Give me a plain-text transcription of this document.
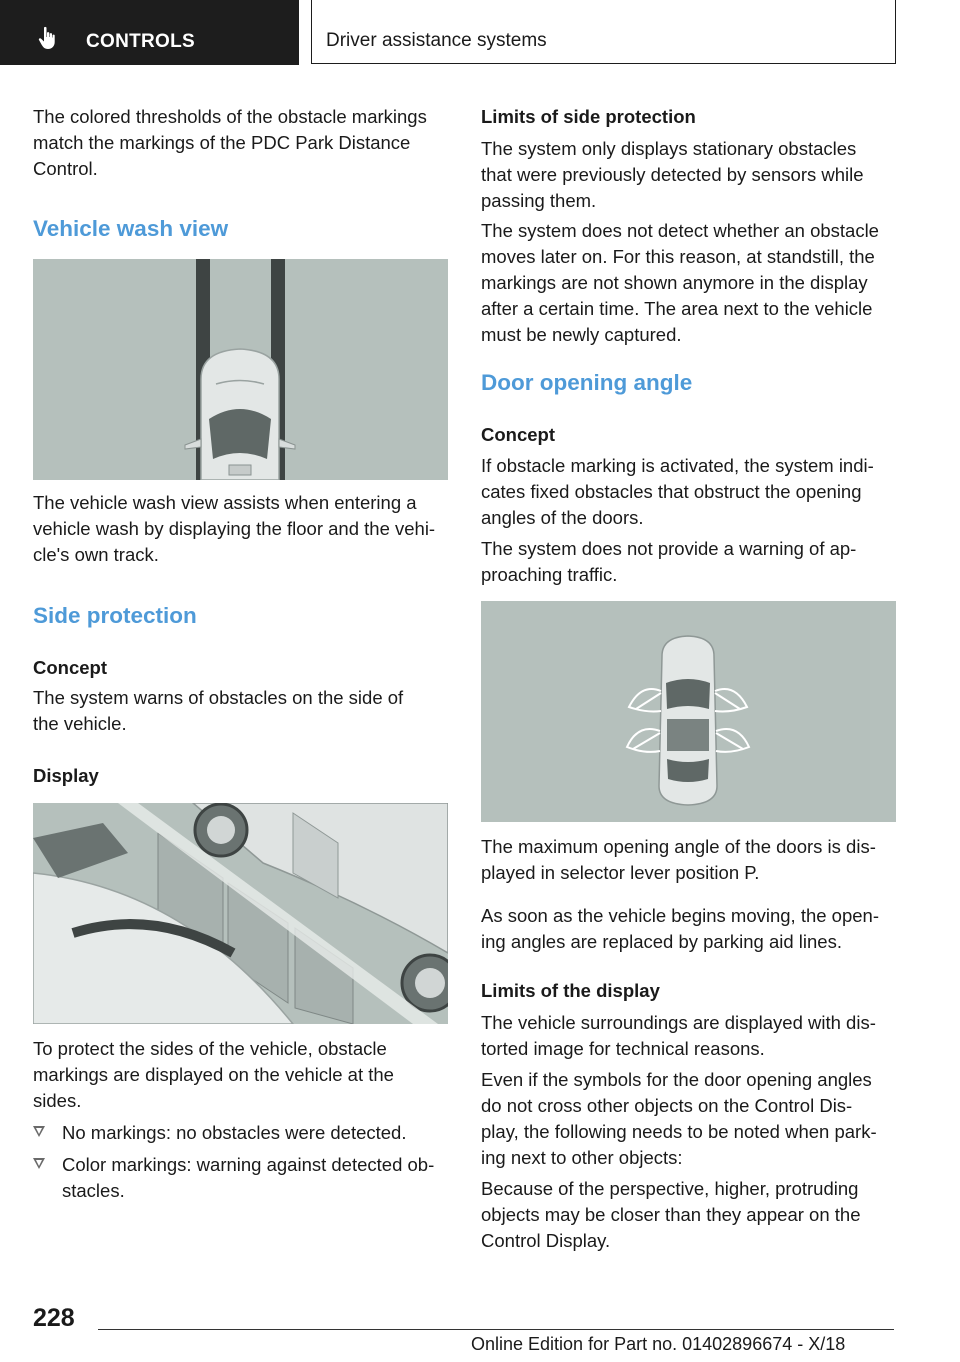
CONTROLS	Driver assistance systems

The colored thresholds of the obstacle markings

match the markings of the PDC Park Distance

Control.

Vehicle wash view

The vehicle wash view assists when entering a

vehicle wash by displaying the floor and the vehi-

cle's own track.

Side protection
Concept

The system warns of obstacles on the side of

the vehicle.

Display

To protect the sides of the vehicle, obstacle

markings are displayed on the vehicle at the

sides.

No markings: no obstacles were detected.
Color markings: warning against detected ob-
stacles.
Limits of side protection

The system only displays stationary obstacles

that were previously detected by sensors while

passing them.

The system does not detect whether an obstacle

moves later on. For this reason, at standstill, the

markings are not shown anymore in the display

after a certain time. The area next to the vehicle

must be newly captured.

Door opening angle
Concept

If obstacle marking is activated, the system indi-

cates fixed obstacles that obstruct the opening

angles of the doors.

The system does not provide a warning of ap-

proaching traffic.

The maximum opening angle of the doors is dis-

played in selector lever position P.

As soon as the vehicle begins moving, the open-

ing angles are replaced by parking aid lines.

Limits of the display

The vehicle surroundings are displayed with dis-

torted image for technical reasons.

Even if the symbols for the door opening angles

do not cross other objects on the Control Dis-

play, the following needs to be noted when park-

ing next to other objects:

Because of the perspective, higher, protruding

objects may be closer than they appear on the

Control Display.

228
Online Edition for Part no. 01402896674 - X/18
